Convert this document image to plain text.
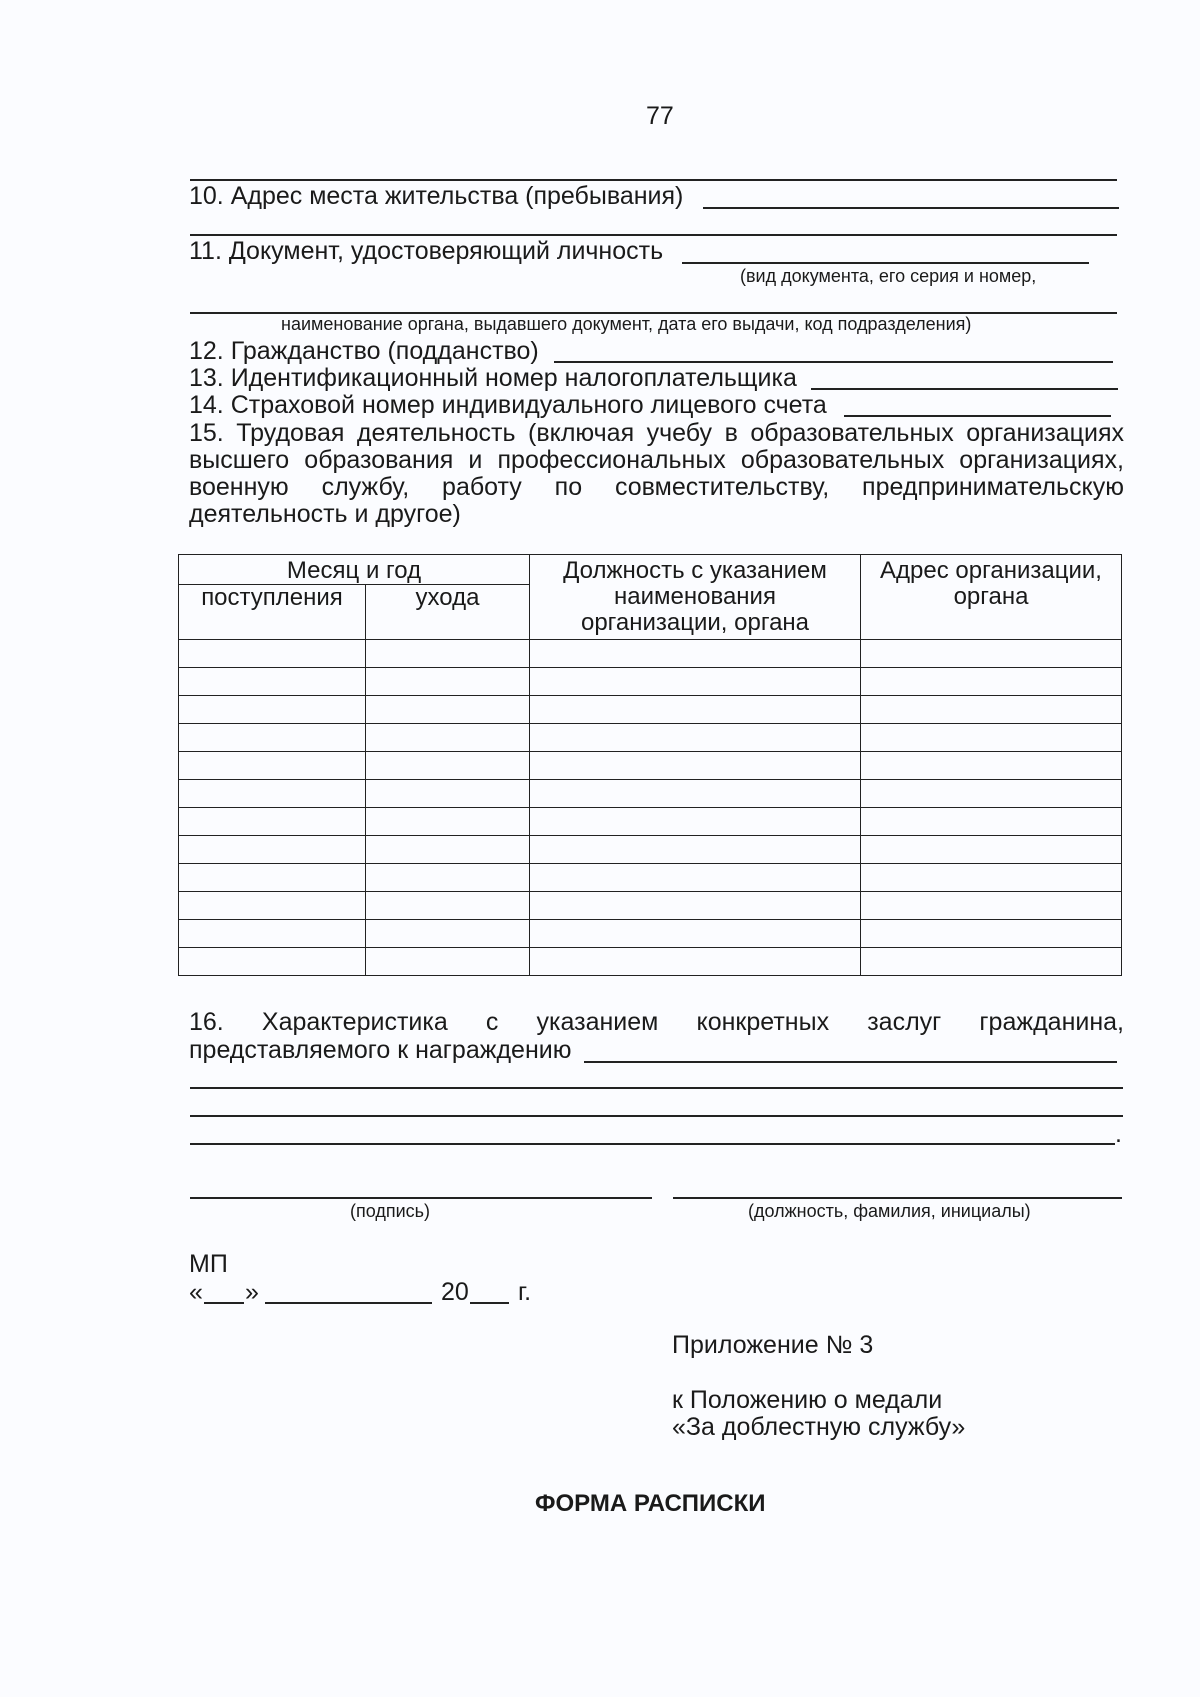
77
10. Адрес места жительства (пребывания)
11. Документ, удостоверяющий личность
(вид документа, его серия и номер,
наименование органа, выдавшего документ, дата его выдачи, код подразделения)
12. Гражданство (подданство)
13. Идентификационный номер налогоплательщика
14. Страховой номер индивидуального лицевого счета
15. Трудовая деятельность (включая учебу в образовательных организациях
высшего образования и профессиональных образовательных организациях,
военную службу, работу по совместительству, предпринимательскую
деятельность и другое)
Месяц и год		Должность с указанием наименования организации, органа	Адрес организации, органа
поступления	ухода		

16. Характеристика с указанием конкретных заслуг гражданина,
представляемого к награждению
.
(подпись)	(должность, фамилия, инициалы)
МП
« »	20 г.
Приложение № 3
к Положению о медали
«За доблестную службу»
ФОРМА РАСПИСКИ
